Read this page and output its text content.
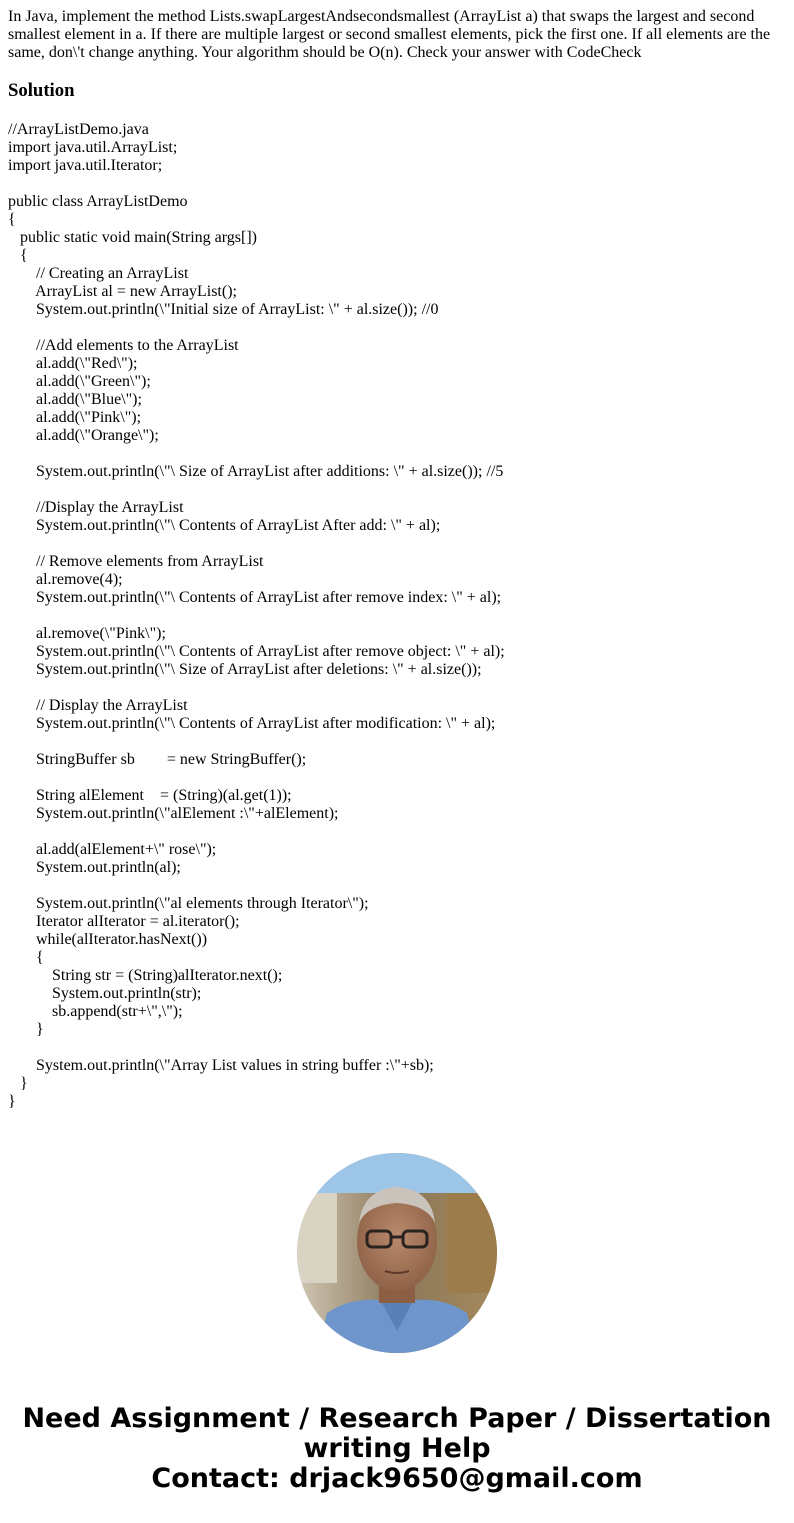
In Java, implement the method Lists.swapLargestAndsecondsmallest (ArrayList a) that swaps the largest and second smallest element in a. If there are multiple largest or second smallest elements, pick the first one. If all elements are the same, don\'t change anything. Your algorithm should be O(n). Check your answer with CodeCheck

Solution
//ArrayListDemo.java
import java.util.ArrayList;
import java.util.Iterator;
public class ArrayListDemo
{
public static void main(String args[])
{
// Creating an ArrayList
ArrayList al = new ArrayList();
System.out.println(\"Initial size of ArrayList: \" + al.size()); //0
//Add elements to the ArrayList
al.add(\"Red\");
al.add(\"Green\");
al.add(\"Blue\");
al.add(\"Pink\");
al.add(\"Orange\");
System.out.println(\"\ Size of ArrayList after additions: \" + al.size()); //5
//Display the ArrayList
System.out.println(\"\ Contents of ArrayList After add: \" + al);
// Remove elements from ArrayList
al.remove(4);
System.out.println(\"\ Contents of ArrayList after remove index: \" + al);
al.remove(\"Pink\");
System.out.println(\"\ Contents of ArrayList after remove object: \" + al);
System.out.println(\"\ Size of ArrayList after deletions: \" + al.size());
// Display the ArrayList
System.out.println(\"\ Contents of ArrayList after modification: \" + al);
StringBuffer sb        = new StringBuffer();
String alElement    = (String)(al.get(1));
System.out.println(\"alElement :\"+alElement);
al.add(alElement+\" rose\");
System.out.println(al);
System.out.println(\"al elements through Iterator\");
Iterator alIterator = al.iterator();
while(alIterator.hasNext())
{
String str = (String)alIterator.next();
System.out.println(str);
sb.append(str+\",\");
}
System.out.println(\"Array List values in string buffer :\"+sb);
}
}
Need Assignment / Research Paper / Dissertation
writing Help
Contact: drjack9650@gmail.com
